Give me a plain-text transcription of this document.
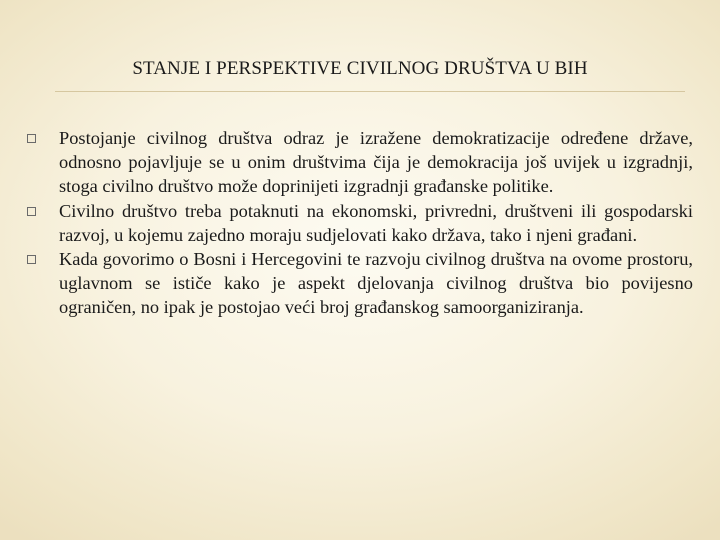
STANJE I PERSPEKTIVE CIVILNOG DRUŠTVA U BIH
Postojanje civilnog društva odraz je izražene demokratizacije određene države, odnosno pojavljuje se u onim društvima čija je demokracija još uvijek u izgradnji, stoga civilno društvo može doprinijeti izgradnji građanske politike.
Civilno društvo treba potaknuti na ekonomski, privredni, društveni ili gospodarski razvoj, u kojemu zajedno moraju sudjelovati kako država, tako i njeni građani.
Kada govorimo o Bosni i Hercegovini te razvoju civilnog društva na ovome prostoru, uglavnom se ističe kako je aspekt djelovanja civilnog društva bio povijesno ograničen, no ipak je postojao veći broj građanskog samoorganiziranja.
